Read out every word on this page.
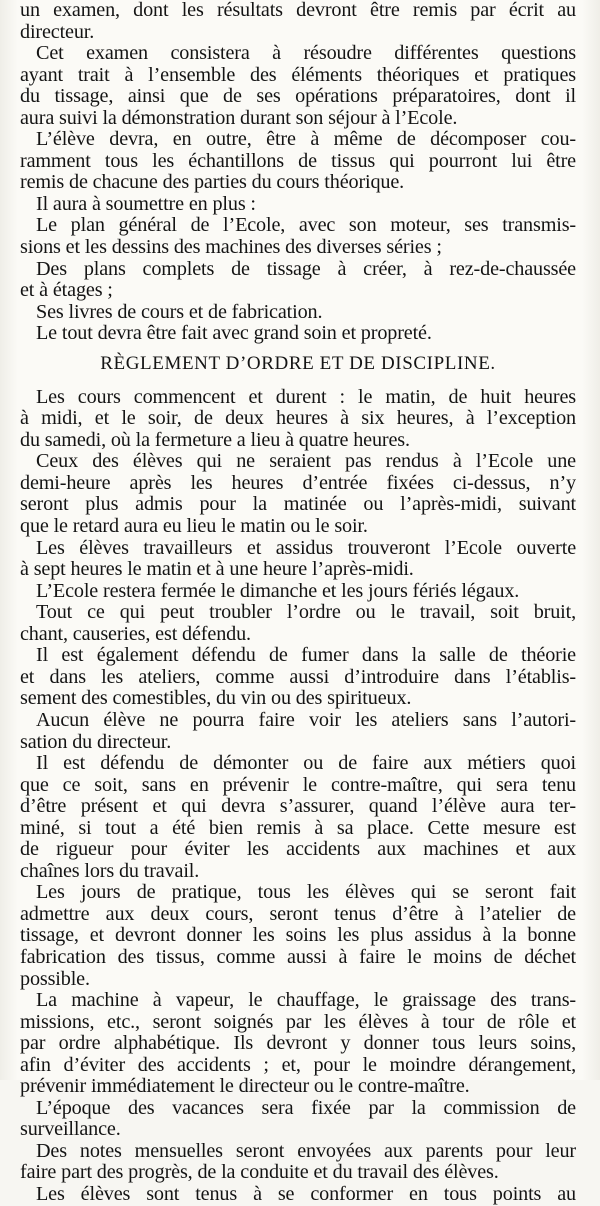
un examen, dont les résultats devront être remis par écrit au
directeur.
Cet examen consistera à résoudre différentes questions
ayant trait à l’ensemble des éléments théoriques et pratiques
du tissage, ainsi que de ses opérations préparatoires, dont il
aura suivi la démonstration durant son séjour à l’Ecole.
L’élève devra, en outre, être à même de décomposer cou-
ramment tous les échantillons de tissus qui pourront lui être
remis de chacune des parties du cours théorique.
Il aura à soumettre en plus :
Le plan général de l’Ecole, avec son moteur, ses transmis-
sions et les dessins des machines des diverses séries ;
Des plans complets de tissage à créer, à rez-de-chaussée
et à étages ;
Ses livres de cours et de fabrication.
Le tout devra être fait avec grand soin et propreté.
RÈGLEMENT D’ORDRE ET DE DISCIPLINE.
Les cours commencent et durent : le matin, de huit heures
à midi, et le soir, de deux heures à six heures, à l’exception
du samedi, où la fermeture a lieu à quatre heures.
Ceux des élèves qui ne seraient pas rendus à l’Ecole une
demi-heure après les heures d’entrée fixées ci-dessus, n’y
seront plus admis pour la matinée ou l’après-midi, suivant
que le retard aura eu lieu le matin ou le soir.
Les élèves travailleurs et assidus trouveront l’Ecole ouverte
à sept heures le matin et à une heure l’après-midi.
L’Ecole restera fermée le dimanche et les jours fériés légaux.
Tout ce qui peut troubler l’ordre ou le travail, soit bruit,
chant, causeries, est défendu.
Il est également défendu de fumer dans la salle de théorie
et dans les ateliers, comme aussi d’introduire dans l’établis-
sement des comestibles, du vin ou des spiritueux.
Aucun élève ne pourra faire voir les ateliers sans l’autori-
sation du directeur.
Il est défendu de démonter ou de faire aux métiers quoi
que ce soit, sans en prévenir le contre-maître, qui sera tenu
d’être présent et qui devra s’assurer, quand l’élève aura ter-
miné, si tout a été bien remis à sa place. Cette mesure est
de rigueur pour éviter les accidents aux machines et aux
chaînes lors du travail.
Les jours de pratique, tous les élèves qui se seront fait
admettre aux deux cours, seront tenus d’être à l’atelier de
tissage, et devront donner les soins les plus assidus à la bonne
fabrication des tissus, comme aussi à faire le moins de déchet
possible.
La machine à vapeur, le chauffage, le graissage des trans-
missions, etc., seront soignés par les élèves à tour de rôle et
par ordre alphabétique. Ils devront y donner tous leurs soins,
afin d’éviter des accidents ; et, pour le moindre dérangement,
prévenir immédiatement le directeur ou le contre-maître.
L’époque des vacances sera fixée par la commission de
surveillance.
Des notes mensuelles seront envoyées aux parents pour leur
faire part des progrès, de la conduite et du travail des élèves.
Les élèves sont tenus à se conformer en tous points au
